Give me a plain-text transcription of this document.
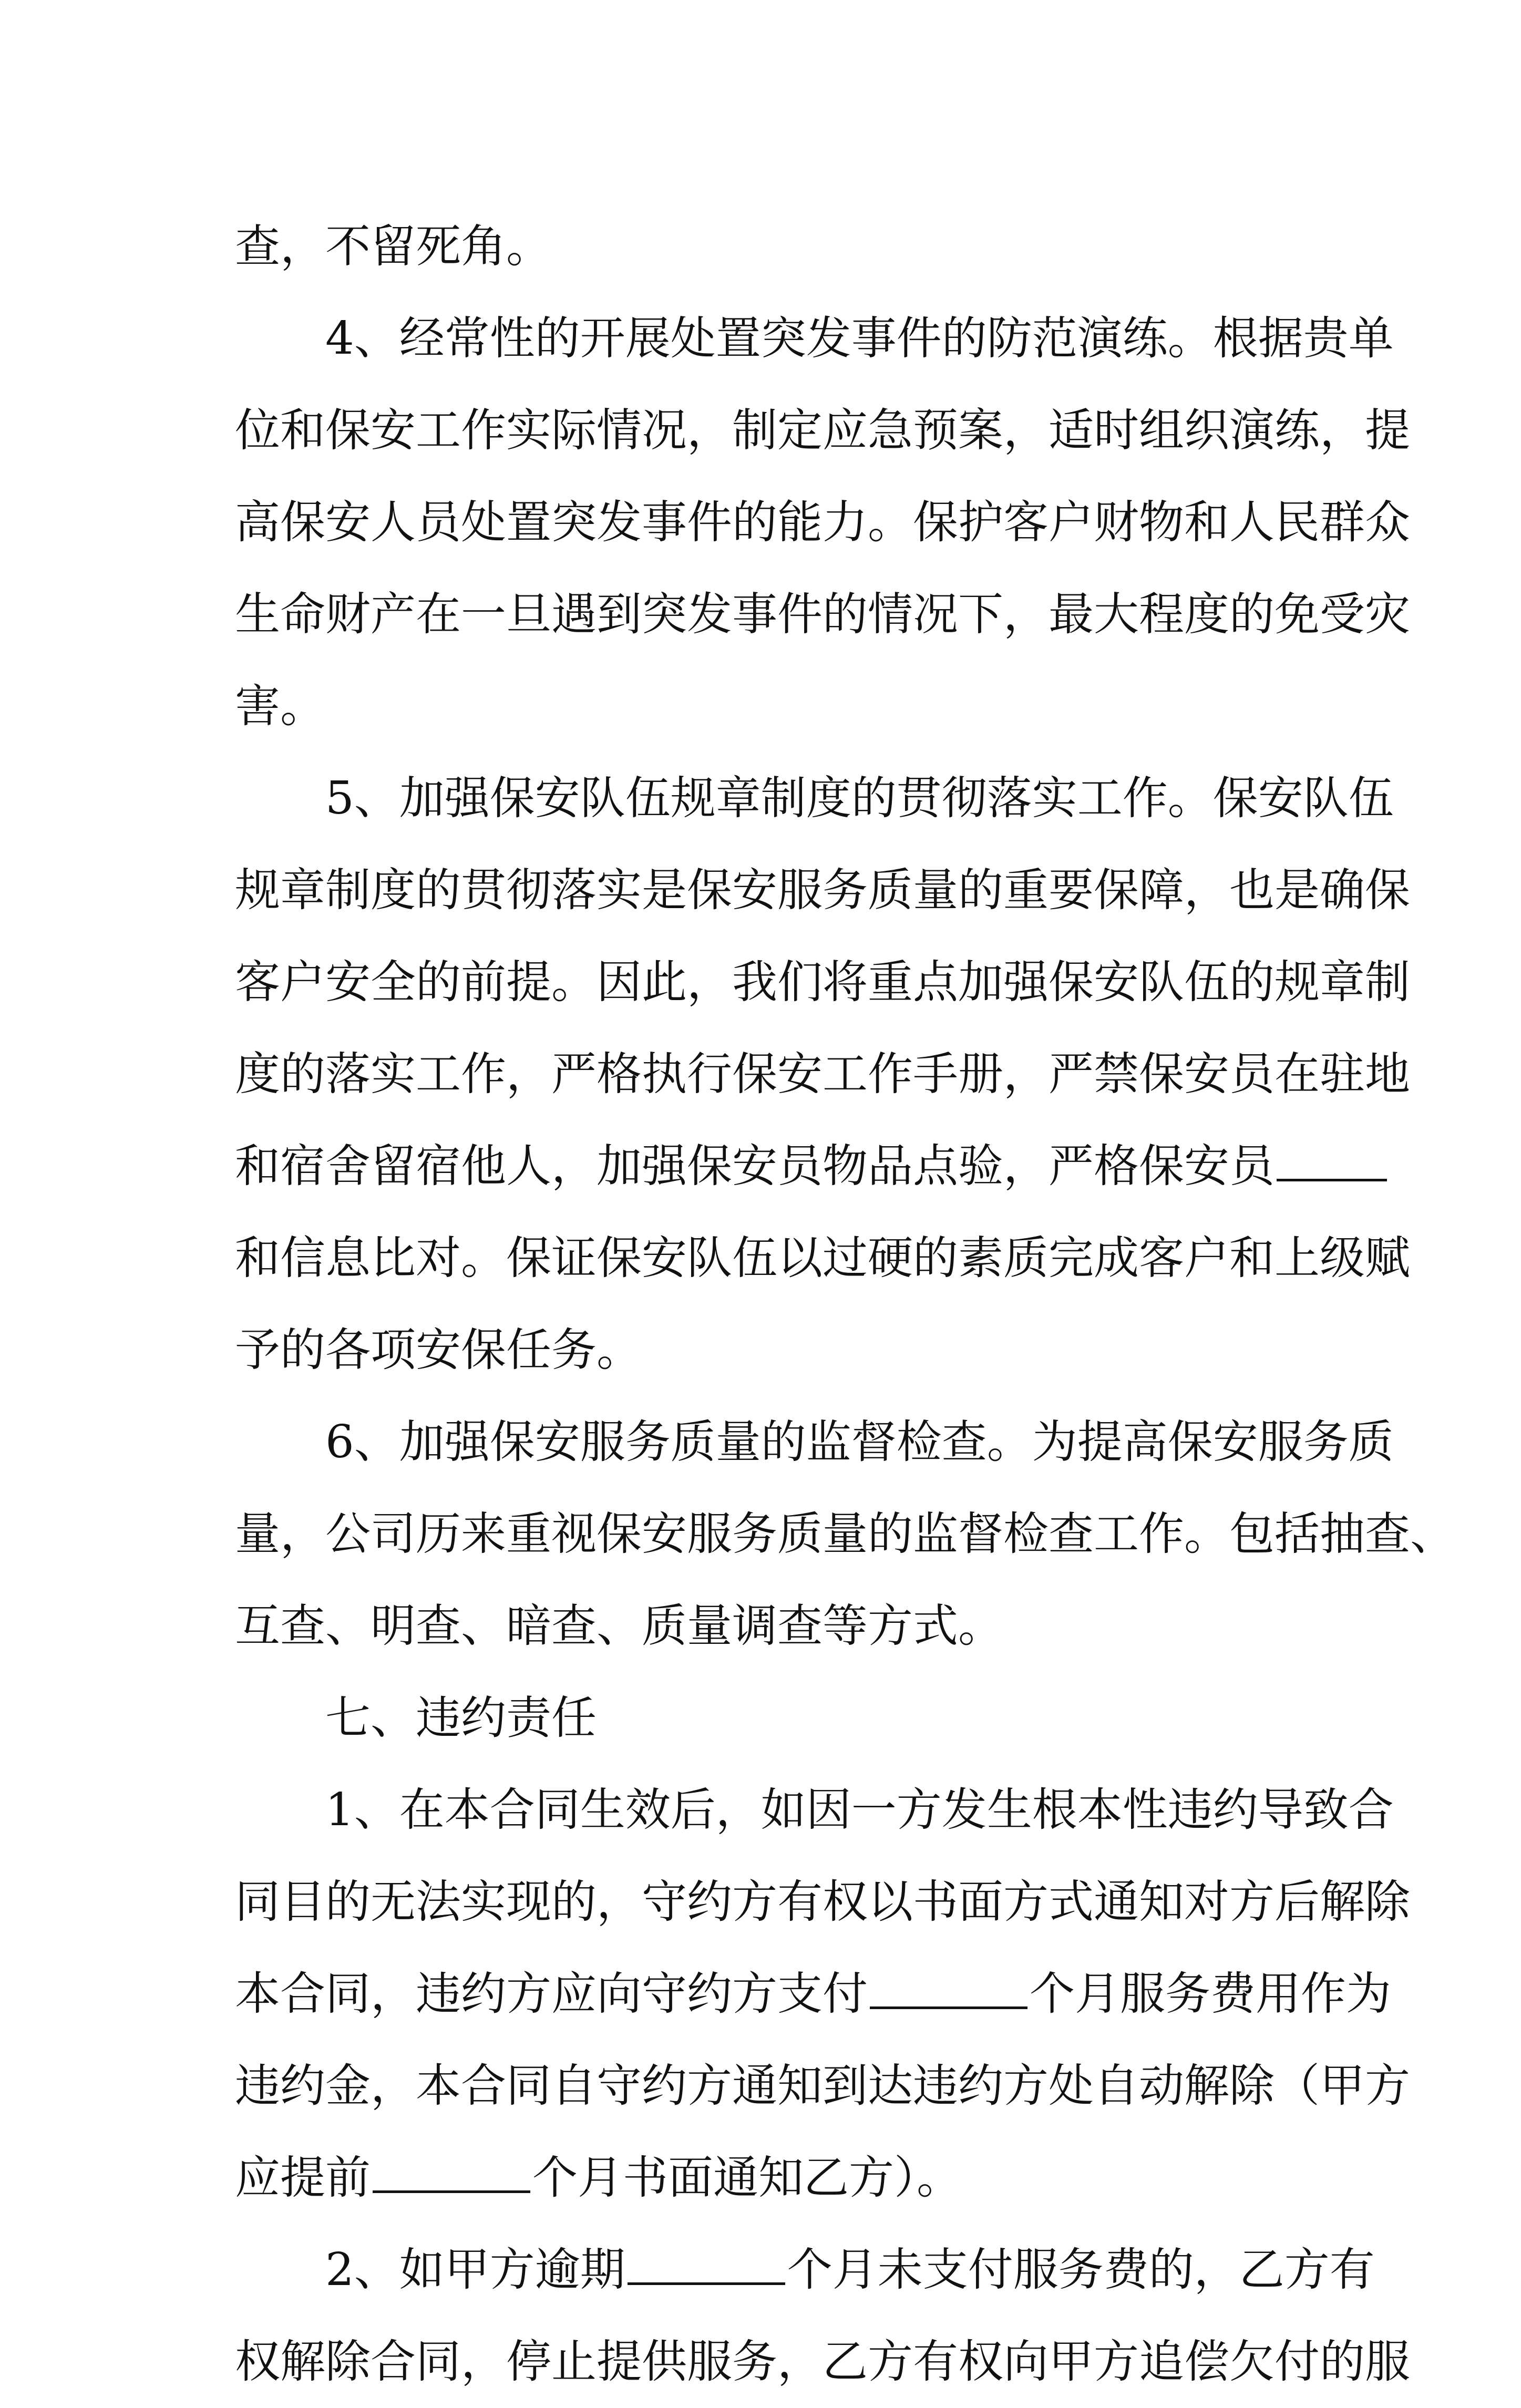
查，不留死角。
4、经常性的开展处置突发事件的防范演练。根据贵单
位和保安工作实际情况，制定应急预案，适时组织演练，提
高保安人员处置突发事件的能力。保护客户财物和人民群众
生命财产在一旦遇到突发事件的情况下，最大程度的免受灾
害。
5、加强保安队伍规章制度的贯彻落实工作。保安队伍
规章制度的贯彻落实是保安服务质量的重要保障，也是确保
客户安全的前提。因此，我们将重点加强保安队伍的规章制
度的落实工作，严格执行保安工作手册，严禁保安员在驻地
和宿舍留宿他人，加强保安员物品点验，严格保安员
和信息比对。保证保安队伍以过硬的素质完成客户和上级赋
予的各项安保任务。
6、加强保安服务质量的监督检查。为提高保安服务质
量，公司历来重视保安服务质量的监督检查工作。包括抽查、
互查、明查、暗查、质量调查等方式。
七、违约责任
1、在本合同生效后，如因一方发生根本性违约导致合
同目的无法实现的，守约方有权以书面方式通知对方后解除
本合同，违约方应向守约方支付	个月服务费用作为
违约金，本合同自守约方通知到达违约方处自动解除（甲方
应提前	个月书面通知乙方）。
2、如甲方逾期	个月未支付服务费的，乙方有
权解除合同，停止提供服务，乙方有权向甲方追偿欠付的服
